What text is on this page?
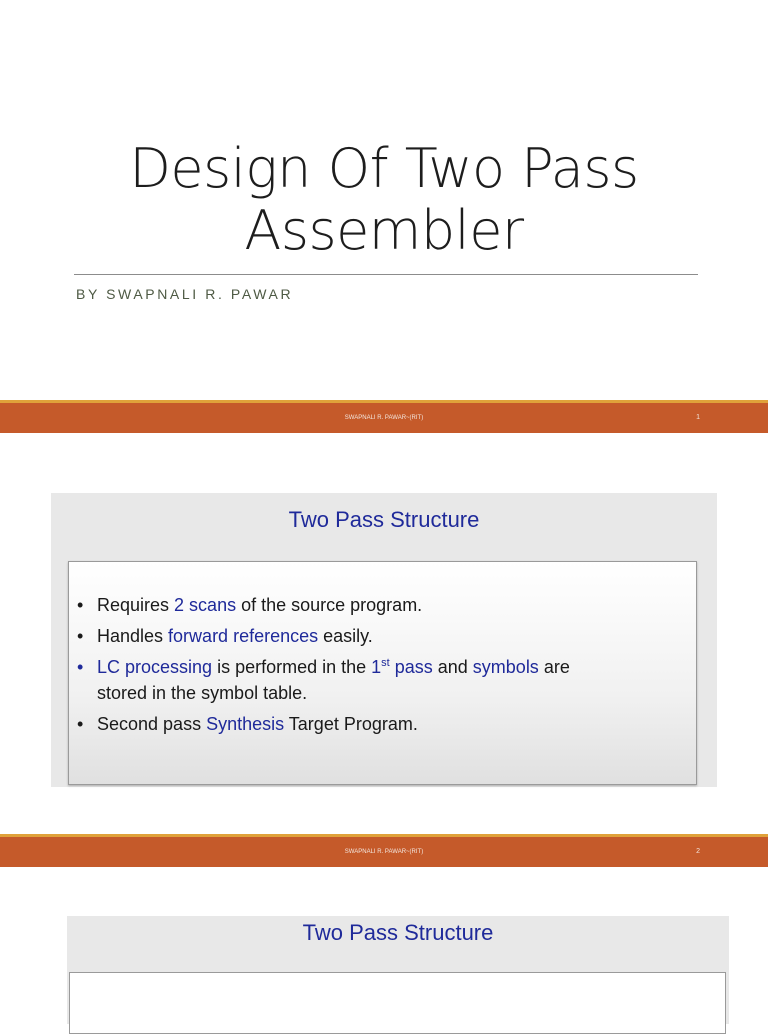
Design Of Two Pass
Assembler
BY SWAPNALI R. PAWAR
SWAPNALI R. PAWAR~(RIT)	1
Two Pass Structure
• Requires 2 scans of the source program.
• Handles forward references easily.
• LC processing is performed in the 1st pass and symbols are
stored in the symbol table.
• Second pass Synthesis Target Program.
SWAPNALI R. PAWAR~(RIT)	2
Two Pass Structure
